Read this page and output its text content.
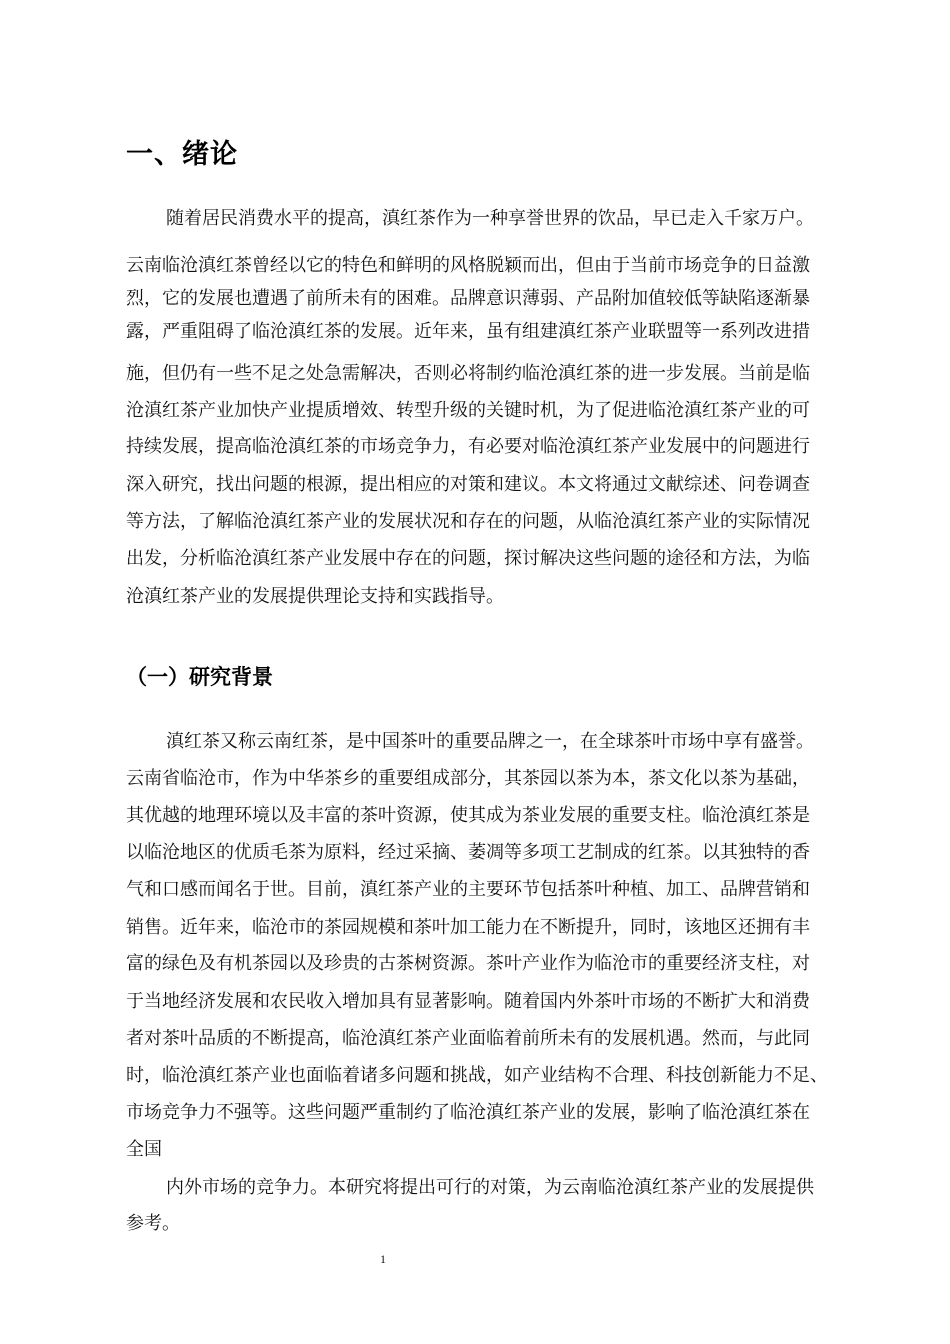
一、绪论
随着居民消费水平的提高，滇红茶作为一种享誉世界的饮品，早已走入千家万户。
云南临沧滇红茶曾经以它的特色和鲜明的风格脱颖而出，但由于当前市场竞争的日益激
烈，它的发展也遭遇了前所未有的困难。品牌意识薄弱、产品附加值较低等缺陷逐渐暴
露，严重阻碍了临沧滇红茶的发展。近年来，虽有组建滇红茶产业联盟等一系列改进措
施，但仍有一些不足之处急需解决，否则必将制约临沧滇红茶的进一步发展。当前是临
沧滇红茶产业加快产业提质增效、转型升级的关键时机，为了促进临沧滇红茶产业的可
持续发展，提高临沧滇红茶的市场竞争力，有必要对临沧滇红茶产业发展中的问题进行
深入研究，找出问题的根源，提出相应的对策和建议。本文将通过文献综述、问卷调查
等方法，了解临沧滇红茶产业的发展状况和存在的问题，从临沧滇红茶产业的实际情况
出发，分析临沧滇红茶产业发展中存在的问题，探讨解决这些问题的途径和方法，为临
沧滇红茶产业的发展提供理论支持和实践指导。
（一）研究背景
滇红茶又称云南红茶，是中国茶叶的重要品牌之一，在全球茶叶市场中享有盛誉。
云南省临沧市，作为中华茶乡的重要组成部分，其茶园以茶为本，茶文化以茶为基础，
其优越的地理环境以及丰富的茶叶资源，使其成为茶业发展的重要支柱。临沧滇红茶是
以临沧地区的优质毛茶为原料，经过采摘、萎凋等多项工艺制成的红茶。以其独特的香
气和口感而闻名于世。目前，滇红茶产业的主要环节包括茶叶种植、加工、品牌营销和
销售。近年来，临沧市的茶园规模和茶叶加工能力在不断提升，同时，该地区还拥有丰
富的绿色及有机茶园以及珍贵的古茶树资源。茶叶产业作为临沧市的重要经济支柱，对
于当地经济发展和农民收入增加具有显著影响。随着国内外茶叶市场的不断扩大和消费
者对茶叶品质的不断提高，临沧滇红茶产业面临着前所未有的发展机遇。然而，与此同
时，临沧滇红茶产业也面临着诸多问题和挑战，如产业结构不合理、科技创新能力不足、
市场竞争力不强等。这些问题严重制约了临沧滇红茶产业的发展，影响了临沧滇红茶在
全国
内外市场的竞争力。本研究将提出可行的对策，为云南临沧滇红茶产业的发展提供
参考。
1
